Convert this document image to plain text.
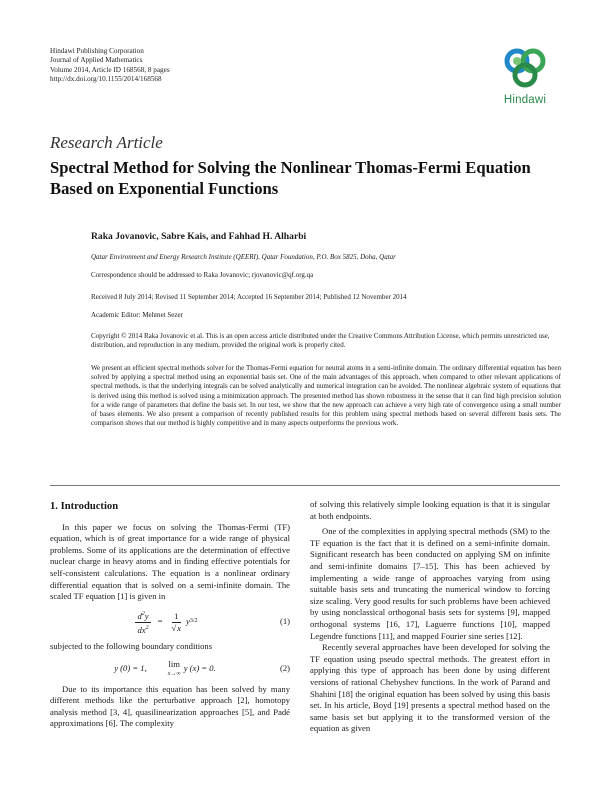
Hindawi Publishing Corporation
Journal of Applied Mathematics
Volume 2014, Article ID 168568, 8 pages
http://dx.doi.org/10.1155/2014/168568
Hindawi
Research Article
Spectral Method for Solving the Nonlinear Thomas-Fermi Equation Based on Exponential Functions
Raka Jovanovic, Sabre Kais, and Fahhad H. Alharbi
Qatar Environment and Energy Research Institute (QEERI), Qatar Foundation, P.O. Box 5825, Doha, Qatar
Correspondence should be addressed to Raka Jovanovic; rjovanovic@qf.org.qa
Received 8 July 2014; Revised 11 September 2014; Accepted 16 September 2014; Published 12 November 2014
Academic Editor: Mehmet Sezer
Copyright © 2014 Raka Jovanovic et al. This is an open access article distributed under the Creative Commons Attribution License, which permits unrestricted use, distribution, and reproduction in any medium, provided the original work is properly cited.
We present an efficient spectral methods solver for the Thomas-Fermi equation for neutral atoms in a semi-infinite domain. The ordinary differential equation has been solved by applying a spectral method using an exponential basis set. One of the main advantages of this approach, when compared to other relevant applications of spectral methods, is that the underlying integrals can be solved analytically and numerical integration can be avoided. The nonlinear algebraic system of equations that is derived using this method is solved using a minimization approach. The presented method has shown robustness in the sense that it can find high precision solution for a wide range of parameters that define the basis set. In our test, we show that the new approach can achieve a very high rate of convergence using a small number of bases elements. We also present a comparison of recently published results for this problem using spectral methods based on several different basis sets. The comparison shows that our method is highly competitive and in many aspects outperforms the previous work.

1. Introduction

In this paper we focus on solving the Thomas-Fermi (TF) equation, which is of great importance for a wide range of physical problems. Some of its applications are the determination of effective nuclear charge in heavy atoms and in finding effective potentials for self-consistent calculations. The equation is a nonlinear ordinary differential equation that is solved on a semi-infinite domain. The scaled TF equation [1] is given in

$\frac{d^2y}{dx^2} = \frac{1}{√x}$ y 3/2	(1)

subjected to the following boundary conditions

y (0) = 1,	lim
x→∞
y (x) = 0.	(2)

Due to its importance this equation has been solved by many different methods like the perturbative approach [2], homotopy analysis method [3, 4], quasilinearization approaches [5], and Padé approximations [6]. The complexity

of solving this relatively simple looking equation is that it is singular at both endpoints.

One of the complexities in applying spectral methods (SM) to the TF equation is the fact that it is defined on a semi-infinite domain. Significant research has been conducted on applying SM on infinite and semi-infinite domains [7–15]. This has been achieved by implementing a wide range of approaches varying from using suitable basis sets and truncating the numerical window to forcing size scaling. Very good results for such problems have been achieved by using nonclassical orthogonal basis sets for systems [9], mapped orthogonal systems [16, 17], Laguerre functions [10], mapped Legendre functions [11], and mapped Fourier sine series [12].

Recently several approaches have been developed for solving the TF equation using pseudo spectral methods. The greatest effort in applying this type of approach has been done by using different versions of rational Chebyshev functions. In the work of Parand and Shahini [18] the original equation has been solved by using this basis set. In his article, Boyd [19] presents a spectral method based on the same basis set but applying it to the transformed version of the equation as given
